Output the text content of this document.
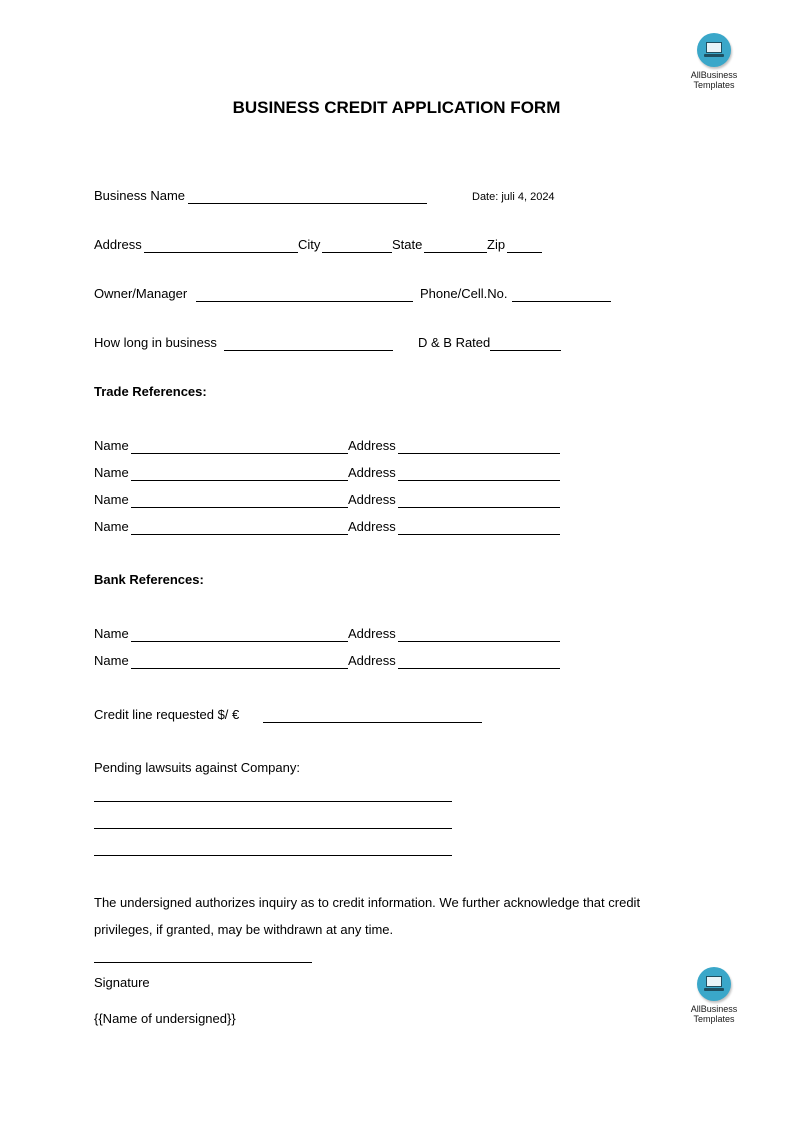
AllBusiness
Templates
BUSINESS CREDIT APPLICATION FORM
Business Name	Date: juli 4, 2024
Address	City	State	Zip
Owner/Manager	Phone/Cell.No.
How long in business	D & B Rated
Trade References:
Name	Address
Name	Address
Name	Address
Name	Address
Bank References:
Name	Address
Name	Address
Credit line requested $/ €
Pending lawsuits against Company:
The undersigned authorizes inquiry as to credit information. We further acknowledge that credit
privileges, if granted, may be withdrawn at any time.
Signature
{{Name of undersigned}}
AllBusiness
Templates
